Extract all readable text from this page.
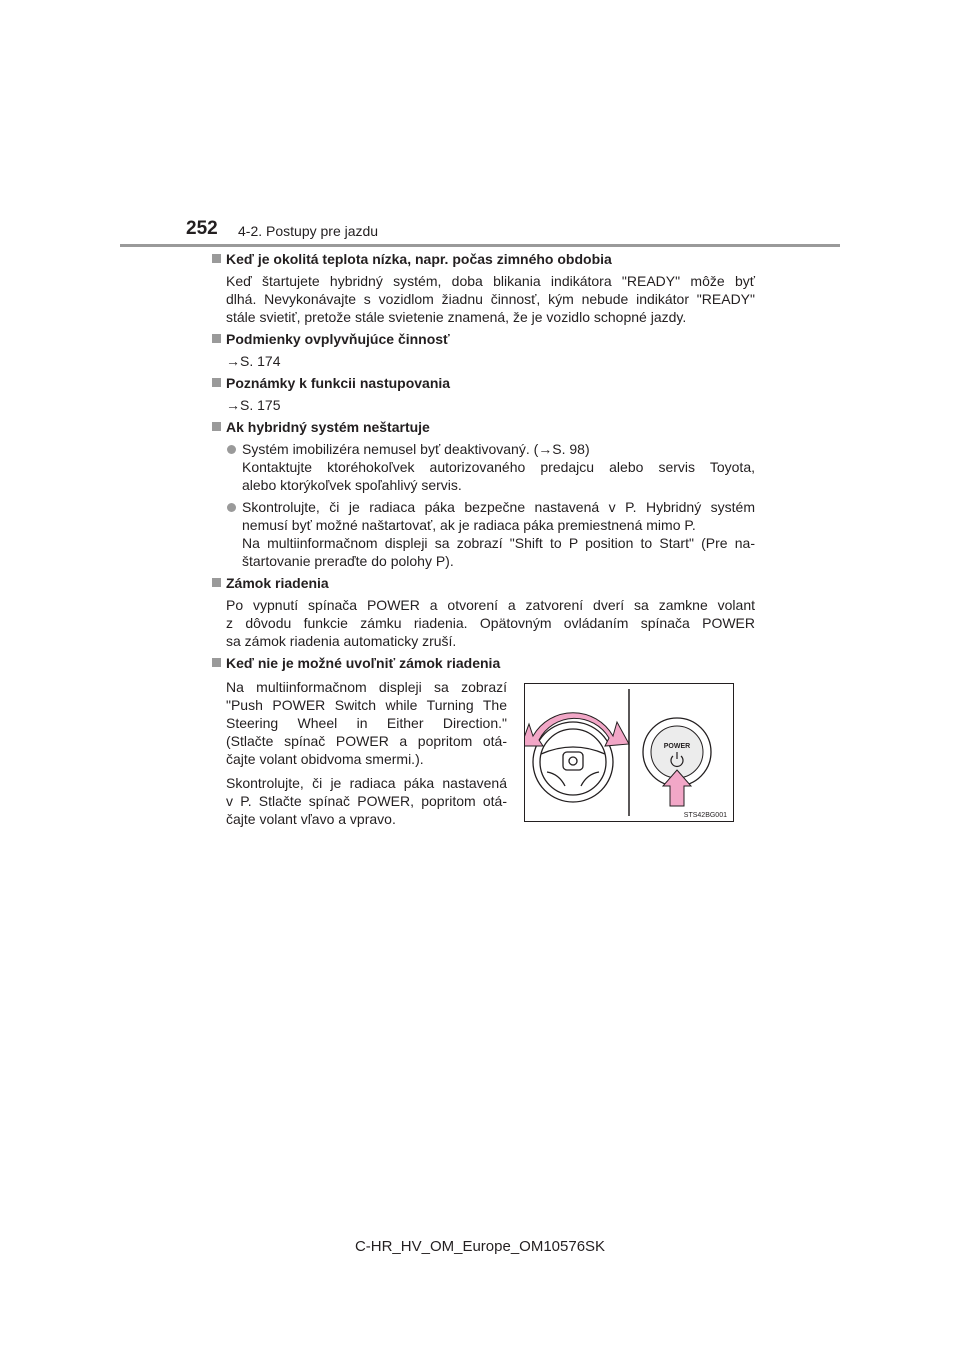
252 4-2. Postupy pre jazdu
Keď je okolitá teplota nízka, napr. počas zimného obdobia
Keď štartujete hybridný systém, doba blikania indikátora "READY" môže byť
dlhá. Nevykonávajte s vozidlom žiadnu činnosť, kým nebude indikátor "READY"
stále svietiť, pretože stále svietenie znamená, že je vozidlo schopné jazdy.
Podmienky ovplyvňujúce činnosť
→S. 174
Poznámky k funkcii nastupovania
→S. 175
Ak hybridný systém neštartuje
Systém imobilizéra nemusel byť deaktivovaný. (→S. 98)
Kontaktujte ktoréhokoľvek autorizovaného predajcu alebo servis Toyota,
alebo ktorýkoľvek spoľahlivý servis.
Skontrolujte, či je radiaca páka bezpečne nastavená v P. Hybridný systém
nemusí byť možné naštartovať, ak je radiaca páka premiestnená mimo P.
Na multiinformačnom displeji sa zobrazí "Shift to P position to Start" (Pre na-
štartovanie preraďte do polohy P).
Zámok riadenia
Po vypnutí spínača POWER a otvorení a zatvorení dverí sa zamkne volant
z dôvodu funkcie zámku riadenia. Opätovným ovládaním spínača POWER
sa zámok riadenia automaticky zruší.
Keď nie je možné uvoľniť zámok riadenia
Na multiinformačnom displeji sa zobrazí
"Push POWER Switch while Turning The
Steering Wheel in Either Direction."
(Stlačte spínač POWER a popritom otá-
čajte volant obidvoma smermi.).
Skontrolujte, či je radiaca páka nastavená
v P. Stlačte spínač POWER, popritom otá-
čajte volant vľavo a vpravo.
POWER
STS42BG001
C-HR_HV_OM_Europe_OM10576SK
